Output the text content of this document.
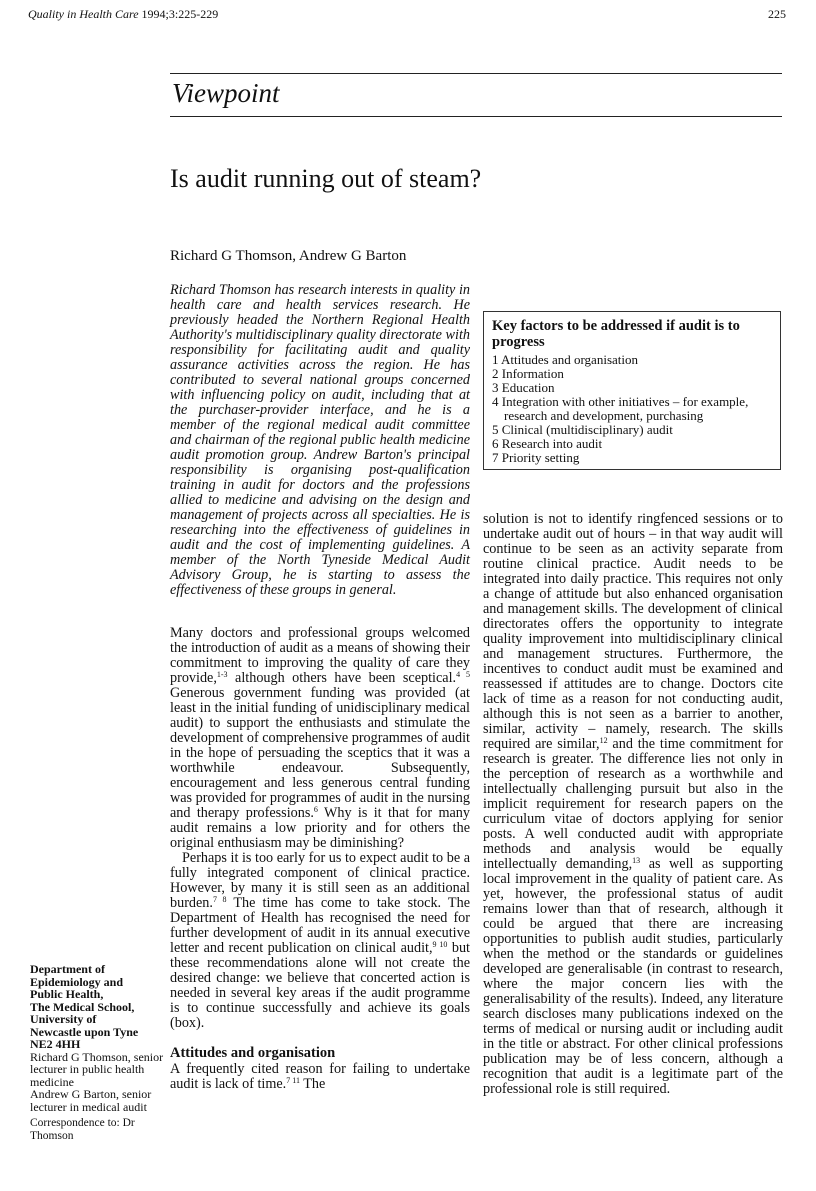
Quality in Health Care 1994;3:225-229	225
Viewpoint
Is audit running out of steam?
Richard G Thomson, Andrew G Barton

Richard Thomson has research interests in quality in health care and health services research. He previously headed the Northern Regional Health Authority's multidisciplinary quality directorate with responsibility for facilitating audit and quality assurance activities across the region. He has contributed to several national groups concerned with influencing policy on audit, including that at the purchaser-provider interface, and he is a member of the regional medical audit committee and chairman of the regional public health medicine audit promotion group. Andrew Barton's principal responsibility is organising post-qualification training in audit for doctors and the professions allied to medicine and advising on the design and management of projects across all specialties. He is researching into the effectiveness of guidelines in audit and the cost of implementing guidelines. A member of the North Tyneside Medical Audit Advisory Group, he is starting to assess the effectiveness of these groups in general.

Many doctors and professional groups welcomed the introduction of audit as a means of showing their commitment to improving the quality of care they provide,$^{1-3}$ although others have been sceptical.$^{4 5}$ Generous government funding was provided (at least in the initial funding of unidisciplinary medical audit) to support the enthusiasts and stimulate the development of comprehensive programmes of audit in the hope of persuading the sceptics that it was a worthwhile endeavour. Subsequently, encouragement and less generous central funding was provided for programmes of audit in the nursing and therapy professions.$^6$ Why is it that for many audit remains a low priority and for others the original enthusiasm may be diminishing?

Perhaps it is too early for us to expect audit to be a fully integrated component of clinical practice. However, by many it is still seen as an additional burden.$^{7 8}$ The time has come to take stock. The Department of Health has recognised the need for further development of audit in its annual executive letter and recent publication on clinical audit,$^{9 10}$ but these recommendations alone will not create the desired change: we believe that concerted action is needed in several key areas if the audit programme is to continue successfully and achieve its goals (box).

Attitudes and organisation

A frequently cited reason for failing to undertake audit is lack of time.$^{7 11}$ The

Key factors to be addressed if audit is to progress
1 Attitudes and organisation
2 Information
3 Education
4 Integration with other initiatives – for example, research and development, purchasing
5 Clinical (multidisciplinary) audit
6 Research into audit
7 Priority setting

solution is not to identify ringfenced sessions or to undertake audit out of hours – in that way audit will continue to be seen as an activity separate from routine clinical practice. Audit needs to be integrated into daily practice. This requires not only a change of attitude but also enhanced organisation and management skills. The development of clinical directorates offers the opportunity to integrate quality improvement into multidisciplinary clinical and management structures. Furthermore, the incentives to conduct audit must be examined and reassessed if attitudes are to change. Doctors cite lack of time as a reason for not conducting audit, although this is not seen as a barrier to another, similar, activity – namely, research. The skills required are similar,$^{12}$ and the time commitment for research is greater. The difference lies not only in the perception of research as a worthwhile and intellectually challenging pursuit but also in the implicit requirement for research papers on the curriculum vitae of doctors applying for senior posts. A well conducted audit with appropriate methods and analysis would be equally intellectually demanding,$^{13}$ as well as supporting local improvement in the quality of patient care. As yet, however, the professional status of audit remains lower than that of research, although it could be argued that there are increasing opportunities to publish audit studies, particularly when the method or the standards or guidelines developed are generalisable (in contrast to research, where the major concern lies with the generalisability of the results). Indeed, any literature search discloses many publications indexed on the terms of medical or nursing audit or including audit in the title or abstract. For other clinical professions publication may be of less concern, although a recognition that audit is a legitimate part of the professional role is still required.

Department of
Epidemiology and
Public Health,
The Medical School,
University of
Newcastle upon Tyne
NE2 4HH
Richard G Thomson, senior lecturer in public health medicine
Andrew G Barton, senior lecturer in medical audit
Correspondence to: Dr Thomson
